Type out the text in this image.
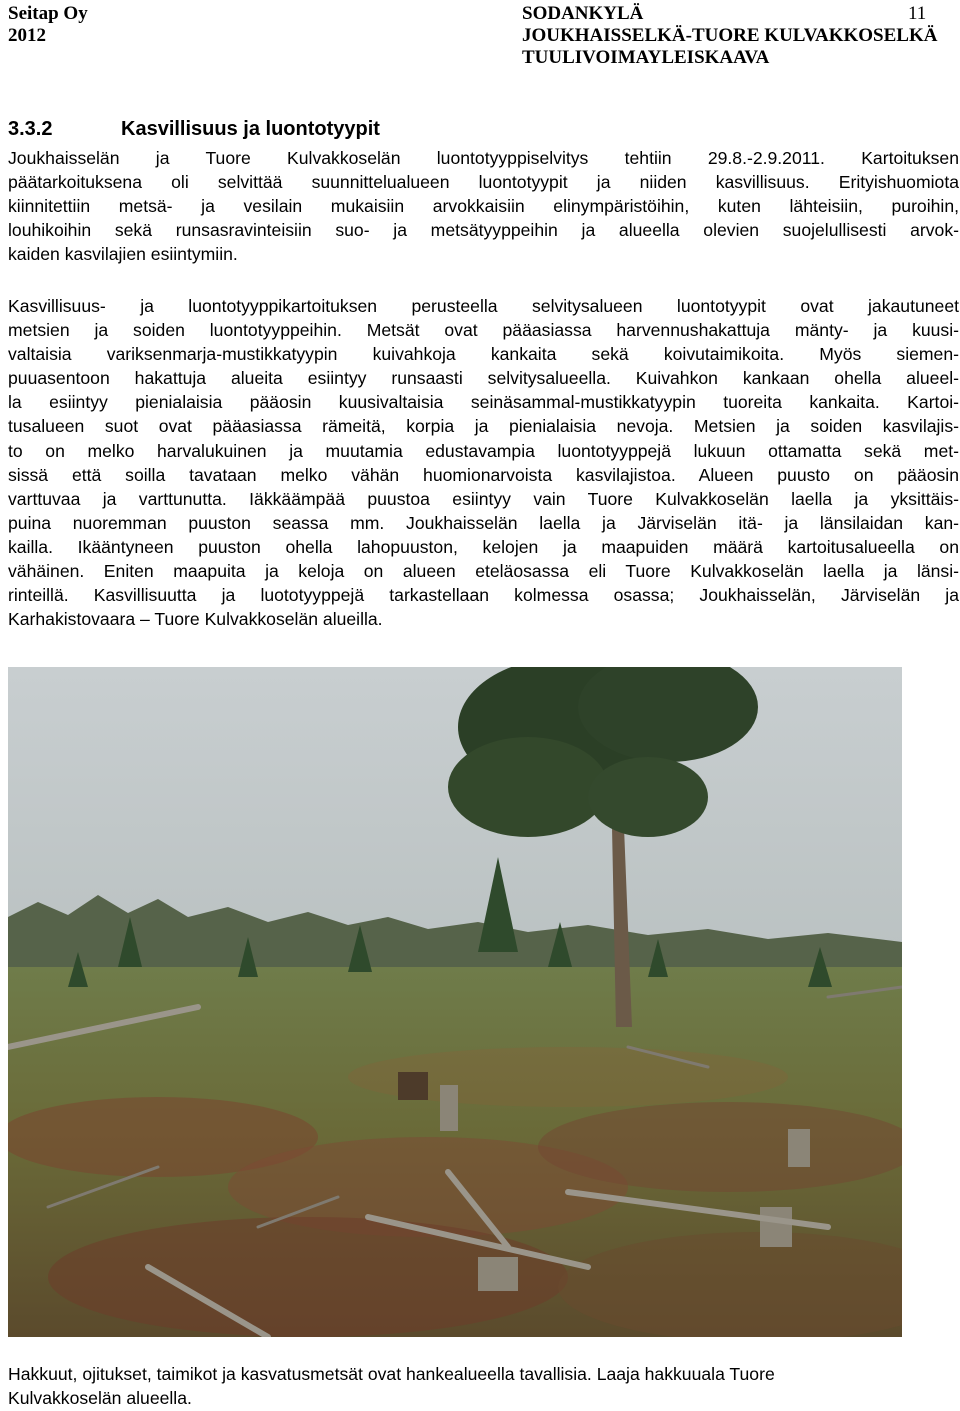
Seitap Oy
2012
SODANKYLÄ
JOUKHAISSELKÄ-TUORE KULVAKKOSELKÄ
TUULIVOIMAYLEISKAAVA
11
3.3.2	Kasvillisuus ja luontotyypit
Joukhaisselän ja Tuore Kulvakkoselän luontotyyppiselvitys tehtiin 29.8.-2.9.2011. Kartoituksen
päätarkoituksena oli selvittää suunnittelualueen luontotyypit ja niiden kasvillisuus. Erityishuomiota
kiinnitettiin metsä- ja vesilain mukaisiin arvokkaisiin elinympäristöihin, kuten lähteisiin, puroihin,
louhikoihin sekä runsasravinteisiin suo- ja metsätyyppeihin ja alueella olevien suojelullisesti arvok-
kaiden kasvilajien esiintymiin.
Kasvillisuus- ja luontotyyppikartoituksen perusteella selvitysalueen luontotyypit ovat jakautuneet
metsien ja soiden luontotyyppeihin. Metsät ovat pääasiassa harvennushakattuja mänty- ja kuusi-
valtaisia variksenmarja-mustikkatyypin kuivahkoja kankaita sekä koivutaimikoita. Myös siemen-
puuasentoon hakattuja alueita esiintyy runsaasti selvitysalueella. Kuivahkon kankaan ohella alueel-
la esiintyy pienialaisia pääosin kuusivaltaisia seinäsammal-mustikkatyypin tuoreita kankaita. Kartoi-
tusalueen suot ovat pääasiassa rämeitä, korpia ja pienialaisia nevoja. Metsien ja soiden kasvilajis-
to on melko harvalukuinen ja muutamia edustavampia luontotyyppejä lukuun ottamatta sekä met-
sissä että soilla tavataan melko vähän huomionarvoista kasvilajistoa. Alueen puusto on pääosin
varttuvaa ja varttunutta. Iäkkäämpää puustoa esiintyy vain Tuore Kulvakkoselän laella ja yksittäis-
puina nuoremman puuston seassa mm. Joukhaisselän laella ja Järviselän itä- ja länsilaidan kan-
kailla. Ikääntyneen puuston ohella lahopuuston, kelojen ja maapuiden määrä kartoitusalueella on
vähäinen. Eniten maapuita ja keloja on alueen eteläosassa eli Tuore Kulvakkoselän laella ja länsi-
rinteillä. Kasvillisuutta ja luototyyppejä tarkastellaan kolmessa osassa; Joukhaisselän, Järviselän ja
Karhakistovaara – Tuore Kulvakkoselän alueilla.
Hakkuut, ojitukset, taimikot ja kasvatusmetsät ovat hankealueella tavallisia. Laaja hakkuuala Tuore
Kulvakkoselän alueella.
